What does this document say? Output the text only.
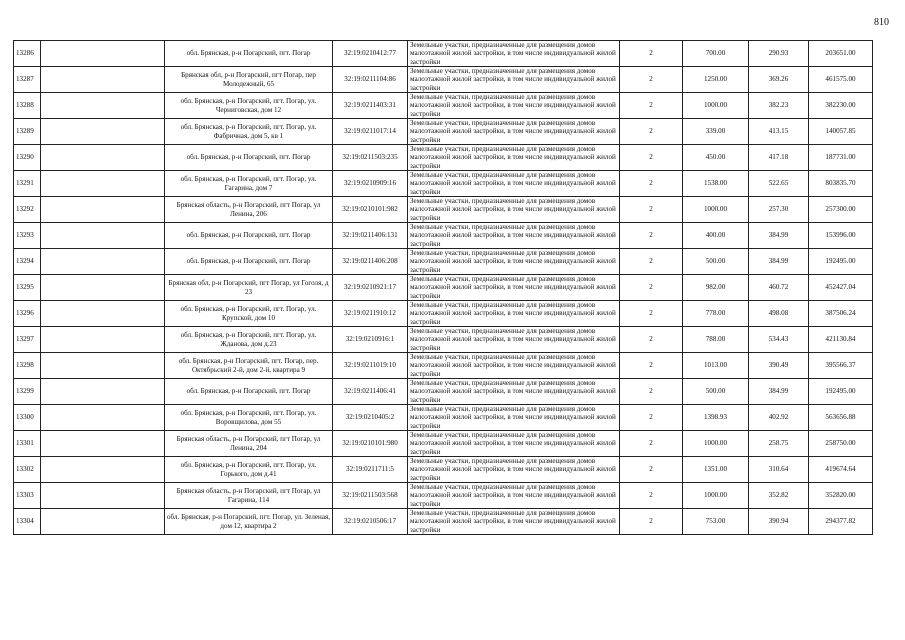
810
13286		обл. Брянская, р-н Погарский, пгт. Погар	32:19:0210412:77	Земельные участки, предназначенные для размещения домов малоэтажной жилой застройки, в том числе индивидуальной жилой застройки	2	700.00	290.93	203651.00
13287		Брянская обл, р-н Погарский, пгт Погар, пер Молодежный, 65	32:19:0211104:86	Земельные участки, предназначенные для размещения домов малоэтажной жилой застройки, в том числе индивидуальной жилой застройки	2	1250.00	369.26	461575.00
13288		обл. Брянская, р-н Погарский, пгт. Погар, ул. Черниговская, дом 12	32:19:0211403:31	Земельные участки, предназначенные для размещения домов малоэтажной жилой застройки, в том числе индивидуальной жилой застройки	2	1000.00	382.23	382230.00
13289		обл. Брянская, р-н Погарский, пгт. Погар, ул. Фабричная, дом 5, кв 1	32:19:0211017:14	Земельные участки, предназначенные для размещения домов малоэтажной жилой застройки, в том числе индивидуальной жилой застройки	2	339.00	413.15	140057.85
13290		обл. Брянская, р-н Погарский, пгт. Погар	32:19:0211503:235	Земельные участки, предназначенные для размещения домов малоэтажной жилой застройки, в том числе индивидуальной жилой застройки	2	450.00	417.18	187731.00
13291		обл. Брянская, р-н Погарский, пгт. Погар, ул. Гагарина, дом 7	32:19:0210909:16	Земельные участки, предназначенные для размещения домов малоэтажной жилой застройки, в том числе индивидуальной жилой застройки	2	1538.00	522.65	803835.70
13292		Брянская область, р-н Погарский, пгт Погар, ул Ленина, 206	32:19:0210101:982	Земельные участки, предназначенные для размещения домов малоэтажной жилой застройки, в том числе индивидуальной жилой застройки	2	1000.00	257.30	257300.00
13293		обл. Брянская, р-н Погарский, пгт. Погар	32:19:0211406:131	Земельные участки, предназначенные для размещения домов малоэтажной жилой застройки, в том числе индивидуальной жилой застройки	2	400.00	384.99	153996.00
13294		обл. Брянская, р-н Погарский, пгт. Погар	32:19:0211406:208	Земельные участки, предназначенные для размещения домов малоэтажной жилой застройки, в том числе индивидуальной жилой застройки	2	500.00	384.99	192495.00
13295		Брянская обл, р-н Погарский, пгт Погар, ул Гоголя, д 23	32:19:0210921:17	Земельные участки, предназначенные для размещения домов малоэтажной жилой застройки, в том числе индивидуальной жилой застройки	2	982.00	460.72	452427.04
13296		обл. Брянская, р-н Погарский, пгт. Погар, ул. Крупской, дом 10	32:19:0211910:12	Земельные участки, предназначенные для размещения домов малоэтажной жилой застройки, в том числе индивидуальной жилой застройки	2	778.00	498.08	387506.24
13297		обл. Брянская, р-н Погарский, пгт. Погар, ул. Жданова, дом д.23	32:19:0210916:1	Земельные участки, предназначенные для размещения домов малоэтажной жилой застройки, в том числе индивидуальной жилой застройки	2	788.00	534.43	421130.84
13298		обл. Брянская, р-н Погарский, пгт. Погар, пер. Октябрьский 2-й, дом 2-й, квартира 9	32:19:0211019:10	Земельные участки, предназначенные для размещения домов малоэтажной жилой застройки, в том числе индивидуальной жилой застройки	2	1013.00	390.49	395566.37
13299		обл. Брянская, р-н Погарский, пгт. Погар	32:19:0211406:41	Земельные участки, предназначенные для размещения домов малоэтажной жилой застройки, в том числе индивидуальной жилой застройки	2	500.00	384.99	192495.00
13300		обл. Брянская, р-н Погарский, пгт. Погар, ул. Воровщилова, дом 55	32:19:0210405:2	Земельные участки, предназначенные для размещения домов малоэтажной жилой застройки, в том числе индивидуальной жилой застройки	2	1398.93	402.92	563656.88
13301		Брянская область, р-н Погарский, пгт Погар, ул Ленина, 204	32:19:0210101:980	Земельные участки, предназначенные для размещения домов малоэтажной жилой застройки, в том числе индивидуальной жилой застройки	2	1000.00	258.75	258750.00
13302		обл. Брянская, р-н Погарский, пгт. Погар, ул. Горького, дом д.41	32:19:0211711:5	Земельные участки, предназначенные для размещения домов малоэтажной жилой застройки, в том числе индивидуальной жилой застройки	2	1351.00	310.64	419674.64
13303		Брянская область, р-н Погарский, пгт Погар, ул Гагарина, 114	32:19:0211503:568	Земельные участки, предназначенные для размещения домов малоэтажной жилой застройки, в том числе индивидуальной жилой застройки	2	1000.00	352.82	352820.00
13304		обл. Брянская, р-н Погарский, пгт. Погар, ул. Зеленая, дом 12, квартира 2	32:19:0210506:17	Земельные участки, предназначенные для размещения домов малоэтажной жилой застройки, в том числе индивидуальной жилой застройки	2	753.00	390.94	294377.82
